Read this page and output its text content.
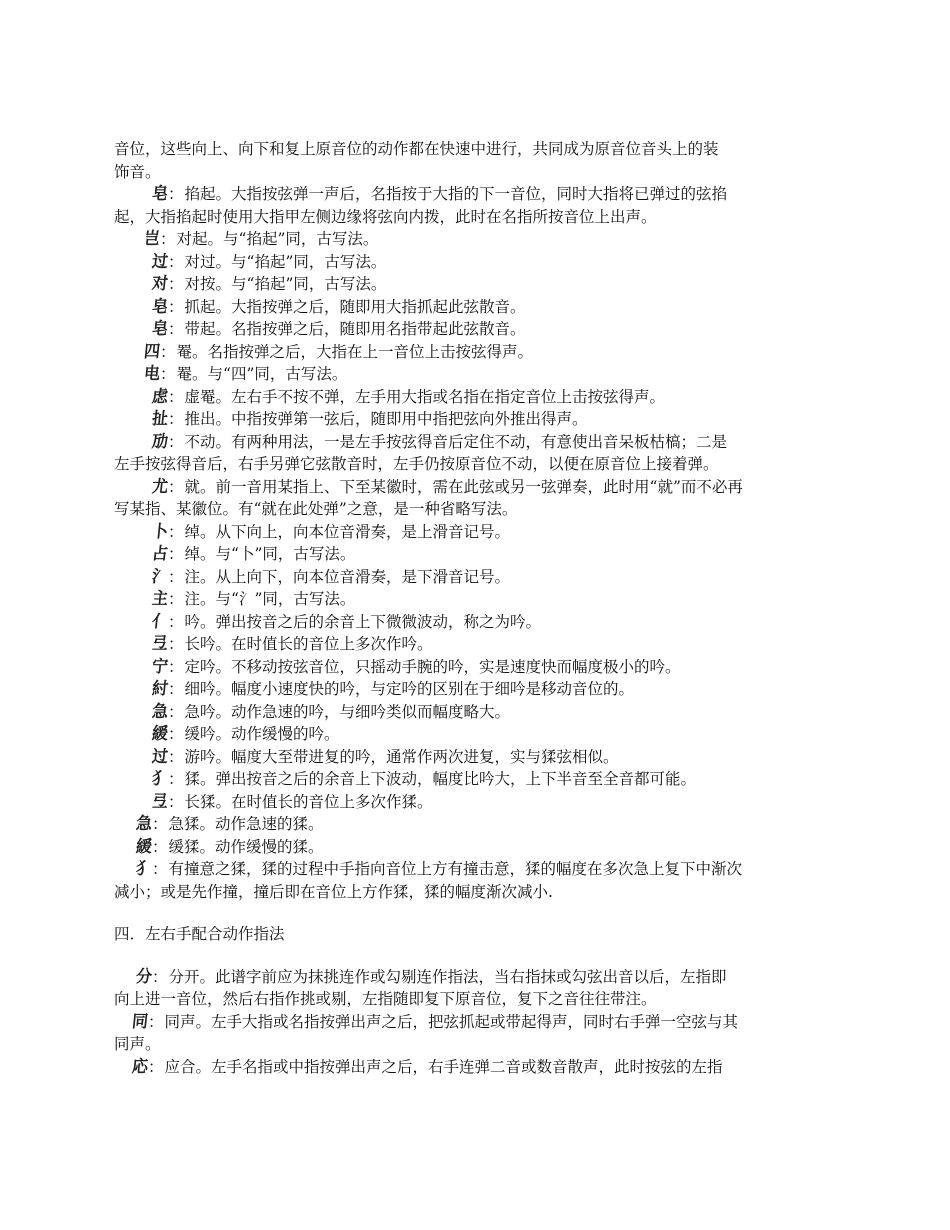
音位，这些向上、向下和复上原音位的动作都在快速中进行，共同成为原音位音头上的装

饰音。

皂：掐起。大指按弦弹一声后，名指按于大指的下一音位，同时大指将已弹过的弦掐

起，大指掐起时使用大指甲左侧边缘将弦向内拨，此时在名指所按音位上出声。

岂：对起。与“掐起”同，古写法。

过：对过。与“掐起”同，古写法。

对：对按。与“掐起”同，古写法。

皂：抓起。大指按弹之后，随即用大指抓起此弦散音。

皂：带起。名指按弹之后，随即用名指带起此弦散音。

四：罨。名指按弹之后，大指在上一音位上击按弦得声。

电：罨。与“四”同，古写法。

虑：虚罨。左右手不按不弹，左手用大指或名指在指定音位上击按弦得声。

扯：推出。中指按弹第一弦后，随即用中指把弦向外推出得声。

劢：不动。有两种用法，一是左手按弦得音后定住不动，有意使出音呆板枯槁；二是

左手按弦得音后，右手另弹它弦散音时，左手仍按原音位不动，以便在原音位上接着弹。

尤：就。前一音用某指上、下至某徽时，需在此弦或另一弦弹奏，此时用“就”而不必再

写某指、某徽位。有“就在此处弹”之意，是一种省略写法。

卜：绰。从下向上，向本位音滑奏，是上滑音记号。

占：绰。与“卜”同，古写法。

氵：注。从上向下，向本位音滑奏，是下滑音记号。

主：注。与“氵”同，古写法。

亻：吟。弹出按音之后的余音上下微微波动，称之为吟。

弖：长吟。在时值长的音位上多次作吟。

宁：定吟。不移动按弦音位，只摇动手腕的吟，实是速度快而幅度极小的吟。

紂：细吟。幅度小速度快的吟，与定吟的区别在于细吟是移动音位的。

急：急吟。动作急速的吟，与细吟类似而幅度略大。

緩：缓吟。动作缓慢的吟。

过：游吟。幅度大至带进复的吟，通常作两次进复，实与猱弦相似。

犭：猱。弹出按音之后的余音上下波动，幅度比吟大，上下半音至全音都可能。

弖：长猱。在时值长的音位上多次作猱。

急：急猱。动作急速的猱。

緩：缓猱。动作缓慢的猱。

犭：有撞意之猱，猱的过程中手指向音位上方有撞击意，猱的幅度在多次急上复下中渐次

减小；或是先作撞，撞后即在音位上方作猱，猱的幅度渐次减小.

四．左右手配合动作指法

分：分开。此谱字前应为抹挑连作或勾剔连作指法，当右指抹或勾弦出音以后，左指即

向上进一音位，然后右指作挑或剔，左指随即复下原音位，复下之音往往带注。

同：同声。左手大指或名指按弹出声之后，把弦抓起或带起得声，同时右手弹一空弦与其

同声。

応：应合。左手名指或中指按弹出声之后，右手连弹二音或数音散声，此时按弦的左指
